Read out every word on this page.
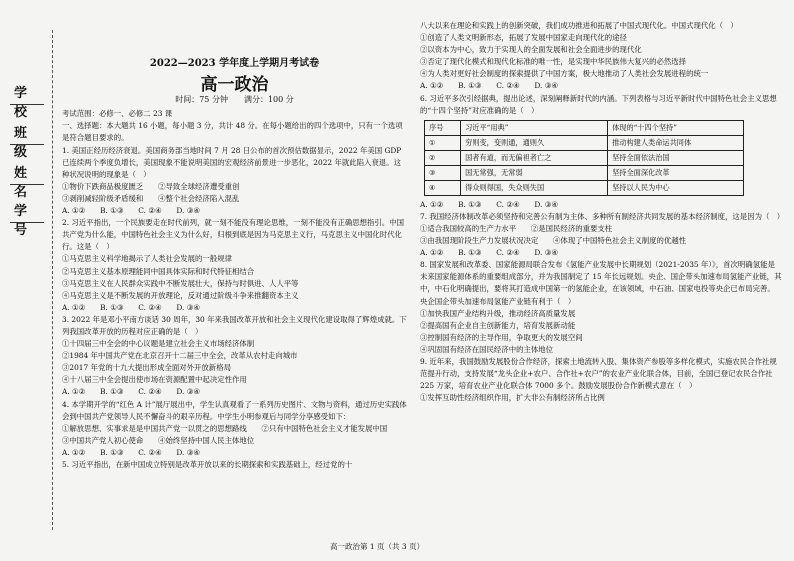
学 校
班 级
姓 名
学 号
2022—2023 学年度上学期月考试卷
高一政治
时间：75 分钟　　满分：100 分
考试范围：必修一、必修二 23 课
一、选择题：本大题共 16 小题，每小题 3 分，共计 48 分。在每小题给出的四个选项中，只有一个选项是符合题目要求的。
1. 美国正经历经济衰退。美国商务部当地时间 7 月 28 日公布的首次预估数据显示，2022 年美国 GDP 已连续两个季度负增长，美国现象不能说明美国的宏观经济前景进一步恶化，2022 年就此陷入衰退。这种状况说明的现象是（　）
①物价下跌商品极度匮乏　　②导致全球经济遭受重创
③剥削减轻阶级矛盾缓和　　④整个社会经济陷入混乱
A. ①②　　B. ①③　　C. ②④　　D. ③④
2. 习近平指出，一个民族要走在时代前列，就一刻不能没有理论思维，一刻不能没有正确思想指引。中国共产党为什么能，中国特色社会主义为什么好，归根到底是因为马克思主义行，马克思主义中国化时代化行。这是（　）
①马克思主义科学地揭示了人类社会发展的一般规律
②马克思主义基本原理能同中国具体实际和时代特征相结合
③马克思主义在人民群众实践中不断发展壮大，保持与时俱进、人人平等
④马克思主义是不断发展的开放理论，反对通过阶级斗争来推翻资本主义
A. ①②　　B. ①③　　C. ②④　　D. ③④
3. 2022 年是邓小平南方谈话 30 周年，30 年来我国改革开放和社会主义现代化建设取得了辉煌成就。下列我国改革开放的历程对应正确的是（　）
①十四届三中全会的中心议题是建立社会主义市场经济体制
②1984 年中国共产党在北京召开十二届三中全会，改革从农村走向城市
③2017 年党的十九大提出形成全面对外开放新格局
④十八届三中全会提出使市场在资源配置中起决定性作用
A. ①②　　B. ①③　　C. ②④　　D. ③④
4. 本学期开学的“红色 A 计”展厅展出中，学生认真观看了一系列历史图片、文物与资料，通过历史实践体会到中国共产党领导人民不懈奋斗的艰辛历程。中学生小明参观后与同学分享感受如下：
①解放思想、实事求是是中国共产党一以贯之的思想路线　　②只有中国特色社会主义才能发展中国
③中国共产党人初心使命　　④始终坚持中国人民主体地位
A. ①②　　B. ①③　　C. ②④　　D. ③④
5. 习近平指出，在新中国成立特别是改革开放以来的长期探索和实践基础上，经过党的十
八大以来在理论和实践上的创新突破，我们成功推进和拓展了中国式现代化。中国式现代化（　）
①创造了人类文明新形态，拓展了发展中国家走向现代化的途径
②以资本为中心，致力于实现人的全面发展和社会全面进步的现代化
③否定了现代化模式和现代化标准的唯一性，是实现中华民族伟大复兴的必然选择
④为人类对更好社会制度的探索提供了中国方案，极大地推动了人类社会发展进程的统一
A. ①②　　B. ①③　　C. ②④　　D. ③④
6. 习近平多次引经据典，提出论述，深刻阐释新时代的内涵。下列表格与习近平新时代中国特色社会主义思想的“十四个坚持”对应准确的是（　）
序号	习近平“用典”	体现的“十四个坚持”
①	穷则变，变则通，通则久	推动构建人类命运共同体
②	国者有道，而无偏袒者亡之	坚持全面依法治国
③	国无常强，无常弱	坚持全面深化改革
④	得众则得国，失众则失国	坚持以人民为中心
A. ①②　　B. ①③　　C. ②④　　D. ③④
7. 我国经济体制改革必须坚持和完善公有制为主体、多种所有制经济共同发展的基本经济制度，这是因为（　）
①适合我国较高的生产力水平　　②是国民经济的重要支柱
③由我国现阶段生产力发展状况决定　　④体现了中国特色社会主义制度的优越性
A. ①②　　B. ①③　　C. ②④　　D. ③④
8. 国家发展和改革委、国家能源局联合发布《氢能产业发展中长期规划（2021-2035 年）》，首次明确氢能是未来国家能源体系的重要组成部分，并为我国制定了 15 年长远规划。央企、国企带头加速布局氢能产业链，其中，中石化明确提出，要将其打造成中国第一的氢能企业，在该领域，中石油、国家电投等央企已布局完善。央企国企带头加速布局氢能产业链有利于（　）
①加快我国产业结构升级，推动经济高质量发展
②提高国有企业自主创新能力，培育发展新动能
③控制国有经济的主导作用，争取更大的发展空间
④巩固国有经济在国民经济中的主体地位
9. 近年来，我国鼓励发展股份合作经济，探索土地流转入股、集体资产参股等多样化模式，实施农民合作社规范提升行动，支持发展“龙头企业+农户、合作社+农户”的农业产业化联合体，目前，全国已登记农民合作社 225 万家，培育农业产业化联合体 7000 多个。鼓励发展股份合作新模式意在（　）
①发挥互助性经济组织作用，扩大非公有制经济所占比例
高一政治第 1 页（共 3 页）
